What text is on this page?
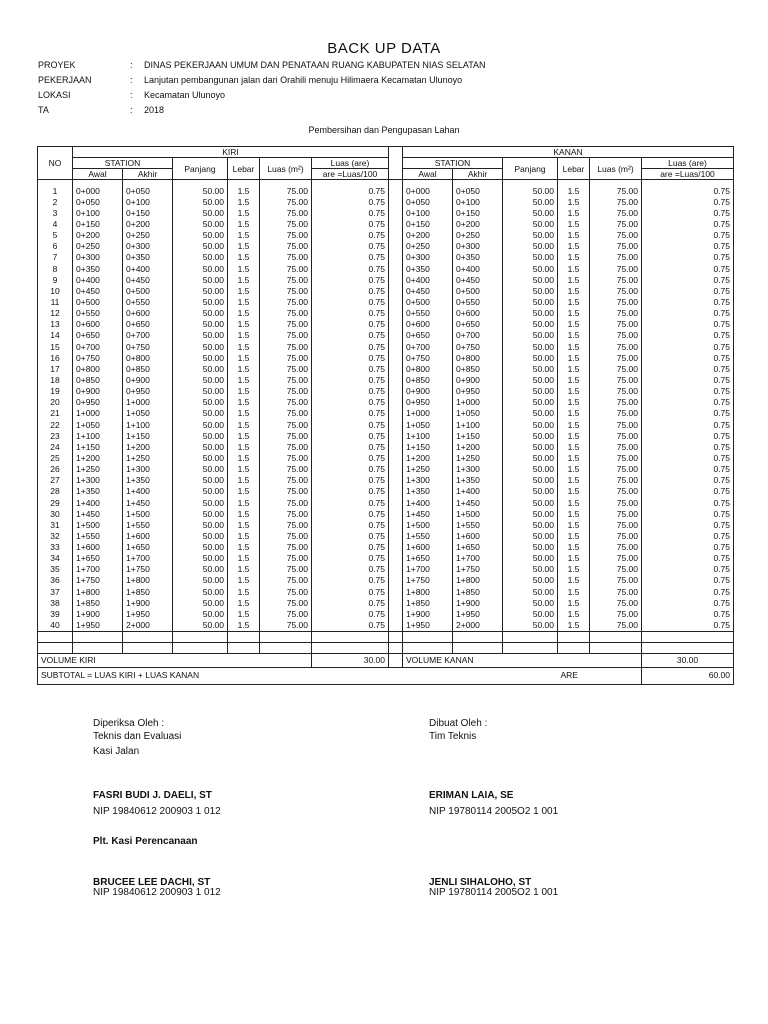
BACK UP DATA
PROYEK	:	DINAS PEKERJAAN UMUM DAN PENATAAN RUANG KABUPATEN NIAS SELATAN
PEKERJAAN	:	Lanjutan pembangunan jalan dari Orahili menuju Hilimaera Kecamatan Ulunoyo
LOKASI	:	Kecamatan Ulunoyo
TA	:	2018
Pembersihan dan Pengupasan Lahan
NO	KIRI							KANAN					
	STATION		Panjang	Lebar	Luas (m²)	Luas (are)		STATION		Panjang	Lebar	Luas (m²)	Luas (are)
	Awal	Akhir				are =Luas/100		Awal	Akhir				are =Luas/100

1	0+000	0+050	50.00	1.5	75.00	0.75		0+000	0+050	50.00	1.5	75.00	0.75
2	0+050	0+100	50.00	1.5	75.00	0.75		0+050	0+100	50.00	1.5	75.00	0.75
3	0+100	0+150	50.00	1.5	75.00	0.75		0+100	0+150	50.00	1.5	75.00	0.75
4	0+150	0+200	50.00	1.5	75.00	0.75		0+150	0+200	50.00	1.5	75.00	0.75
5	0+200	0+250	50.00	1.5	75.00	0.75		0+200	0+250	50.00	1.5	75.00	0.75
6	0+250	0+300	50.00	1.5	75.00	0.75		0+250	0+300	50.00	1.5	75.00	0.75
7	0+300	0+350	50.00	1.5	75.00	0.75		0+300	0+350	50.00	1.5	75.00	0.75
8	0+350	0+400	50.00	1.5	75.00	0.75		0+350	0+400	50.00	1.5	75.00	0.75
9	0+400	0+450	50.00	1.5	75.00	0.75		0+400	0+450	50.00	1.5	75.00	0.75
10	0+450	0+500	50.00	1.5	75.00	0.75		0+450	0+500	50.00	1.5	75.00	0.75
11	0+500	0+550	50.00	1.5	75.00	0.75		0+500	0+550	50.00	1.5	75.00	0.75
12	0+550	0+600	50.00	1.5	75.00	0.75		0+550	0+600	50.00	1.5	75.00	0.75
13	0+600	0+650	50.00	1.5	75.00	0.75		0+600	0+650	50.00	1.5	75.00	0.75
14	0+650	0+700	50.00	1.5	75.00	0.75		0+650	0+700	50.00	1.5	75.00	0.75
15	0+700	0+750	50.00	1.5	75.00	0.75		0+700	0+750	50.00	1.5	75.00	0.75
16	0+750	0+800	50.00	1.5	75.00	0.75		0+750	0+800	50.00	1.5	75.00	0.75
17	0+800	0+850	50.00	1.5	75.00	0.75		0+800	0+850	50.00	1.5	75.00	0.75
18	0+850	0+900	50.00	1.5	75.00	0.75		0+850	0+900	50.00	1.5	75.00	0.75
19	0+900	0+950	50.00	1.5	75.00	0.75		0+900	0+950	50.00	1.5	75.00	0.75
20	0+950	1+000	50.00	1.5	75.00	0.75		0+950	1+000	50.00	1.5	75.00	0.75
21	1+000	1+050	50.00	1.5	75.00	0.75		1+000	1+050	50.00	1.5	75.00	0.75
22	1+050	1+100	50.00	1.5	75.00	0.75		1+050	1+100	50.00	1.5	75.00	0.75
23	1+100	1+150	50.00	1.5	75.00	0.75		1+100	1+150	50.00	1.5	75.00	0.75
24	1+150	1+200	50.00	1.5	75.00	0.75		1+150	1+200	50.00	1.5	75.00	0.75
25	1+200	1+250	50.00	1.5	75.00	0.75		1+200	1+250	50.00	1.5	75.00	0.75
26	1+250	1+300	50.00	1.5	75.00	0.75		1+250	1+300	50.00	1.5	75.00	0.75
27	1+300	1+350	50.00	1.5	75.00	0.75		1+300	1+350	50.00	1.5	75.00	0.75
28	1+350	1+400	50.00	1.5	75.00	0.75		1+350	1+400	50.00	1.5	75.00	0.75
29	1+400	1+450	50.00	1.5	75.00	0.75		1+400	1+450	50.00	1.5	75.00	0.75
30	1+450	1+500	50.00	1.5	75.00	0.75		1+450	1+500	50.00	1.5	75.00	0.75
31	1+500	1+550	50.00	1.5	75.00	0.75		1+500	1+550	50.00	1.5	75.00	0.75
32	1+550	1+600	50.00	1.5	75.00	0.75		1+550	1+600	50.00	1.5	75.00	0.75
33	1+600	1+650	50.00	1.5	75.00	0.75		1+600	1+650	50.00	1.5	75.00	0.75
34	1+650	1+700	50.00	1.5	75.00	0.75		1+650	1+700	50.00	1.5	75.00	0.75
35	1+700	1+750	50.00	1.5	75.00	0.75		1+700	1+750	50.00	1.5	75.00	0.75
36	1+750	1+800	50.00	1.5	75.00	0.75		1+750	1+800	50.00	1.5	75.00	0.75
37	1+800	1+850	50.00	1.5	75.00	0.75		1+800	1+850	50.00	1.5	75.00	0.75
38	1+850	1+900	50.00	1.5	75.00	0.75		1+850	1+900	50.00	1.5	75.00	0.75
39	1+900	1+950	50.00	1.5	75.00	0.75		1+900	1+950	50.00	1.5	75.00	0.75
40	1+950	2+000	50.00	1.5	75.00	0.75		1+950	2+000	50.00	1.5	75.00	0.75

VOLUME KIRI						30.00		VOLUME KANAN					30.00
SUBTOTAL = LUAS KIRI + LUAS KANAN											ARE		60.00
Diperiksa Oleh :
Teknis dan Evaluasi
Kasi Jalan
FASRI BUDI J. DAELI, ST
NIP 19840612 200903 1 012
Plt. Kasi Perencanaan
BRUCEE LEE DACHI, ST
NIP 19840612 200903 1 012
Dibuat Oleh :
Tim Teknis
ERIMAN LAIA, SE
NIP 19780114 2005O2 1 001
JENLI SIHALOHO, ST
NIP 19780114 2005O2 1 001
